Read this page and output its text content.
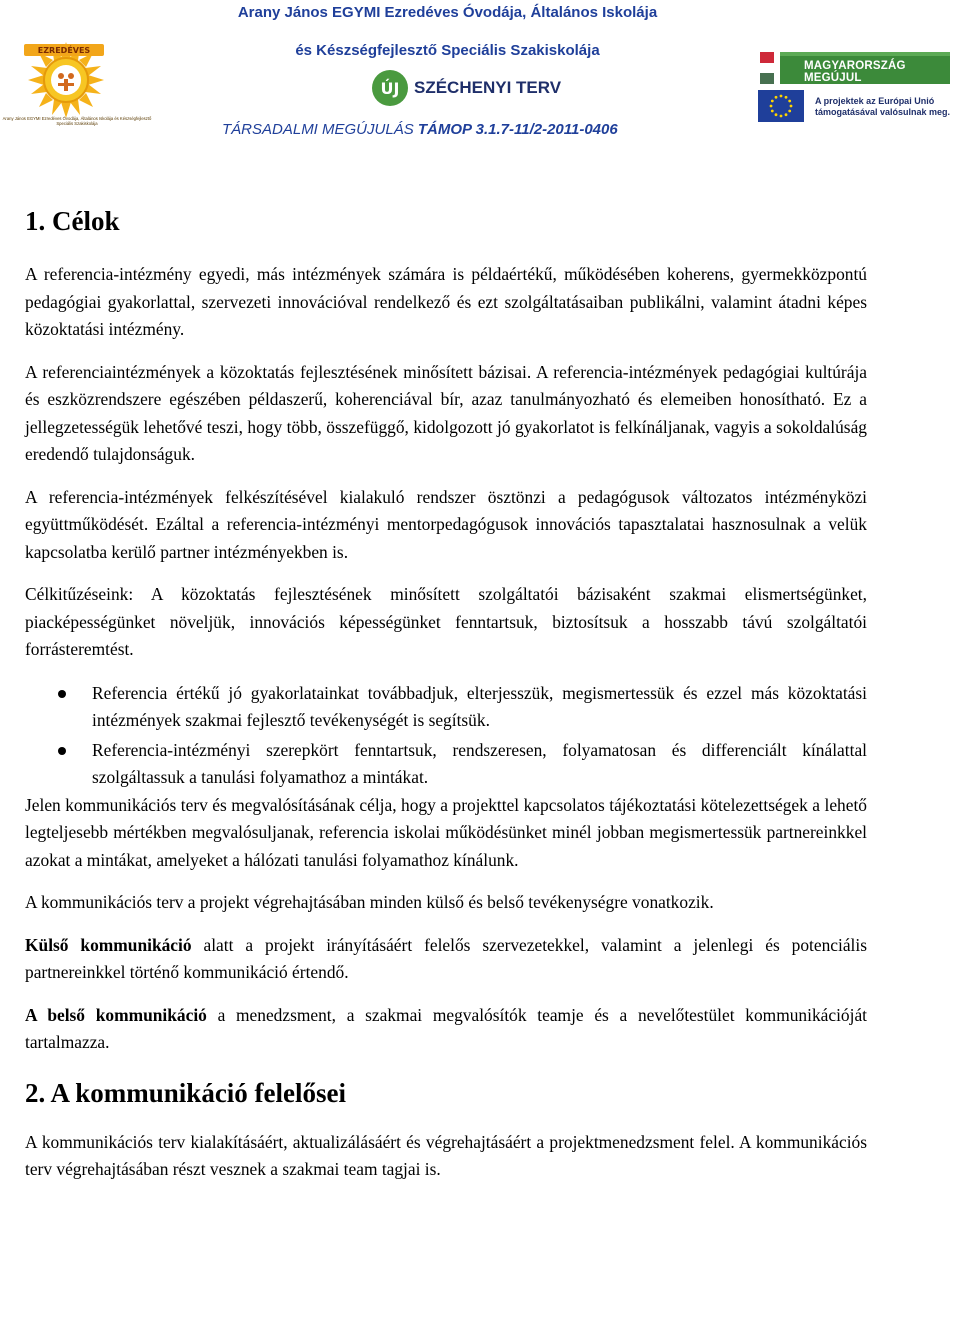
Arany János EGYMI Ezredéves Óvodája, Általános Iskolája
és Készségfejlesztő Speciális Szakiskolája
EZREDÉVES
Arany János EGYMI Ezredéves Óvodája, Általános Iskolája és Készségfejlesztő Speciális Szakiskolája
ÚJ SZÉCHENYI TERV
MAGYARORSZÁG MEGÚJUL
A projektek az Európai Unió támogatásával valósulnak meg.
TÁRSADALMI MEGÚJULÁS TÁMOP 3.1.7-11/2-2011-0406
1. Célok

A referencia-intézmény egyedi, más intézmények számára is példaértékű, működésében koherens, gyermekközpontú pedagógiai gyakorlattal, szervezeti innovációval rendelkező és ezt szolgáltatásaiban publikálni, valamint átadni képes közoktatási intézmény.

A referenciaintézmények a közoktatás fejlesztésének minősített bázisai. A referencia-intézmények pedagógiai kultúrája és eszközrendszere egészében példaszerű, koherenciával bír, azaz tanulmányozható és elemeiben honosítható. Ez a jellegzetességük lehetővé teszi, hogy több, összefüggő, kidolgozott jó gyakorlatot is felkínáljanak, vagyis a sokoldalúság eredendő tulajdonságuk.

A referencia-intézmények felkészítésével kialakuló rendszer ösztönzi a pedagógusok változatos intézményközi együttműködését. Ezáltal a referencia-intézményi mentorpedagógusok innovációs tapasztalatai hasznosulnak a velük kapcsolatba kerülő partner intézményekben is.

Célkitűzéseink: A közoktatás fejlesztésének minősített szolgáltatói bázisaként szakmai elismertségünket, piacképességünket növeljük, innovációs képességünket fenntartsuk, biztosítsuk a hosszabb távú szolgáltatói forrásteremtést.

Referencia értékű jó gyakorlatainkat továbbadjuk, elterjesszük, megismertessük és ezzel más közoktatási intézmények szakmai fejlesztő tevékenységét is segítsük.
Referencia-intézményi szerepkört fenntartsuk, rendszeresen, folyamatosan és differenciált kínálattal szolgáltassuk a tanulási folyamathoz a mintákat.

Jelen kommunikációs terv és megvalósításának célja, hogy a projekttel kapcsolatos tájékoztatási kötelezettségek a lehető legteljesebb mértékben megvalósuljanak, referencia iskolai működésünket minél jobban megismertessük partnereinkkel azokat a mintákat, amelyeket a hálózati tanulási folyamathoz kínálunk.

A kommunikációs terv a projekt végrehajtásában minden külső és belső tevékenységre vonatkozik.

Külső kommunikáció alatt a projekt irányításáért felelős szervezetekkel, valamint a jelenlegi és potenciális partnereinkkel történő kommunikáció értendő.

A belső kommunikáció a menedzsment, a szakmai megvalósítók teamje és a nevelőtestület kommunikációját tartalmazza.

2. A kommunikáció felelősei

A kommunikációs terv kialakításáért, aktualizálásáért és végrehajtásáért a projektmenedzsment felel. A kommunikációs terv végrehajtásában részt vesznek a szakmai team tagjai is.
